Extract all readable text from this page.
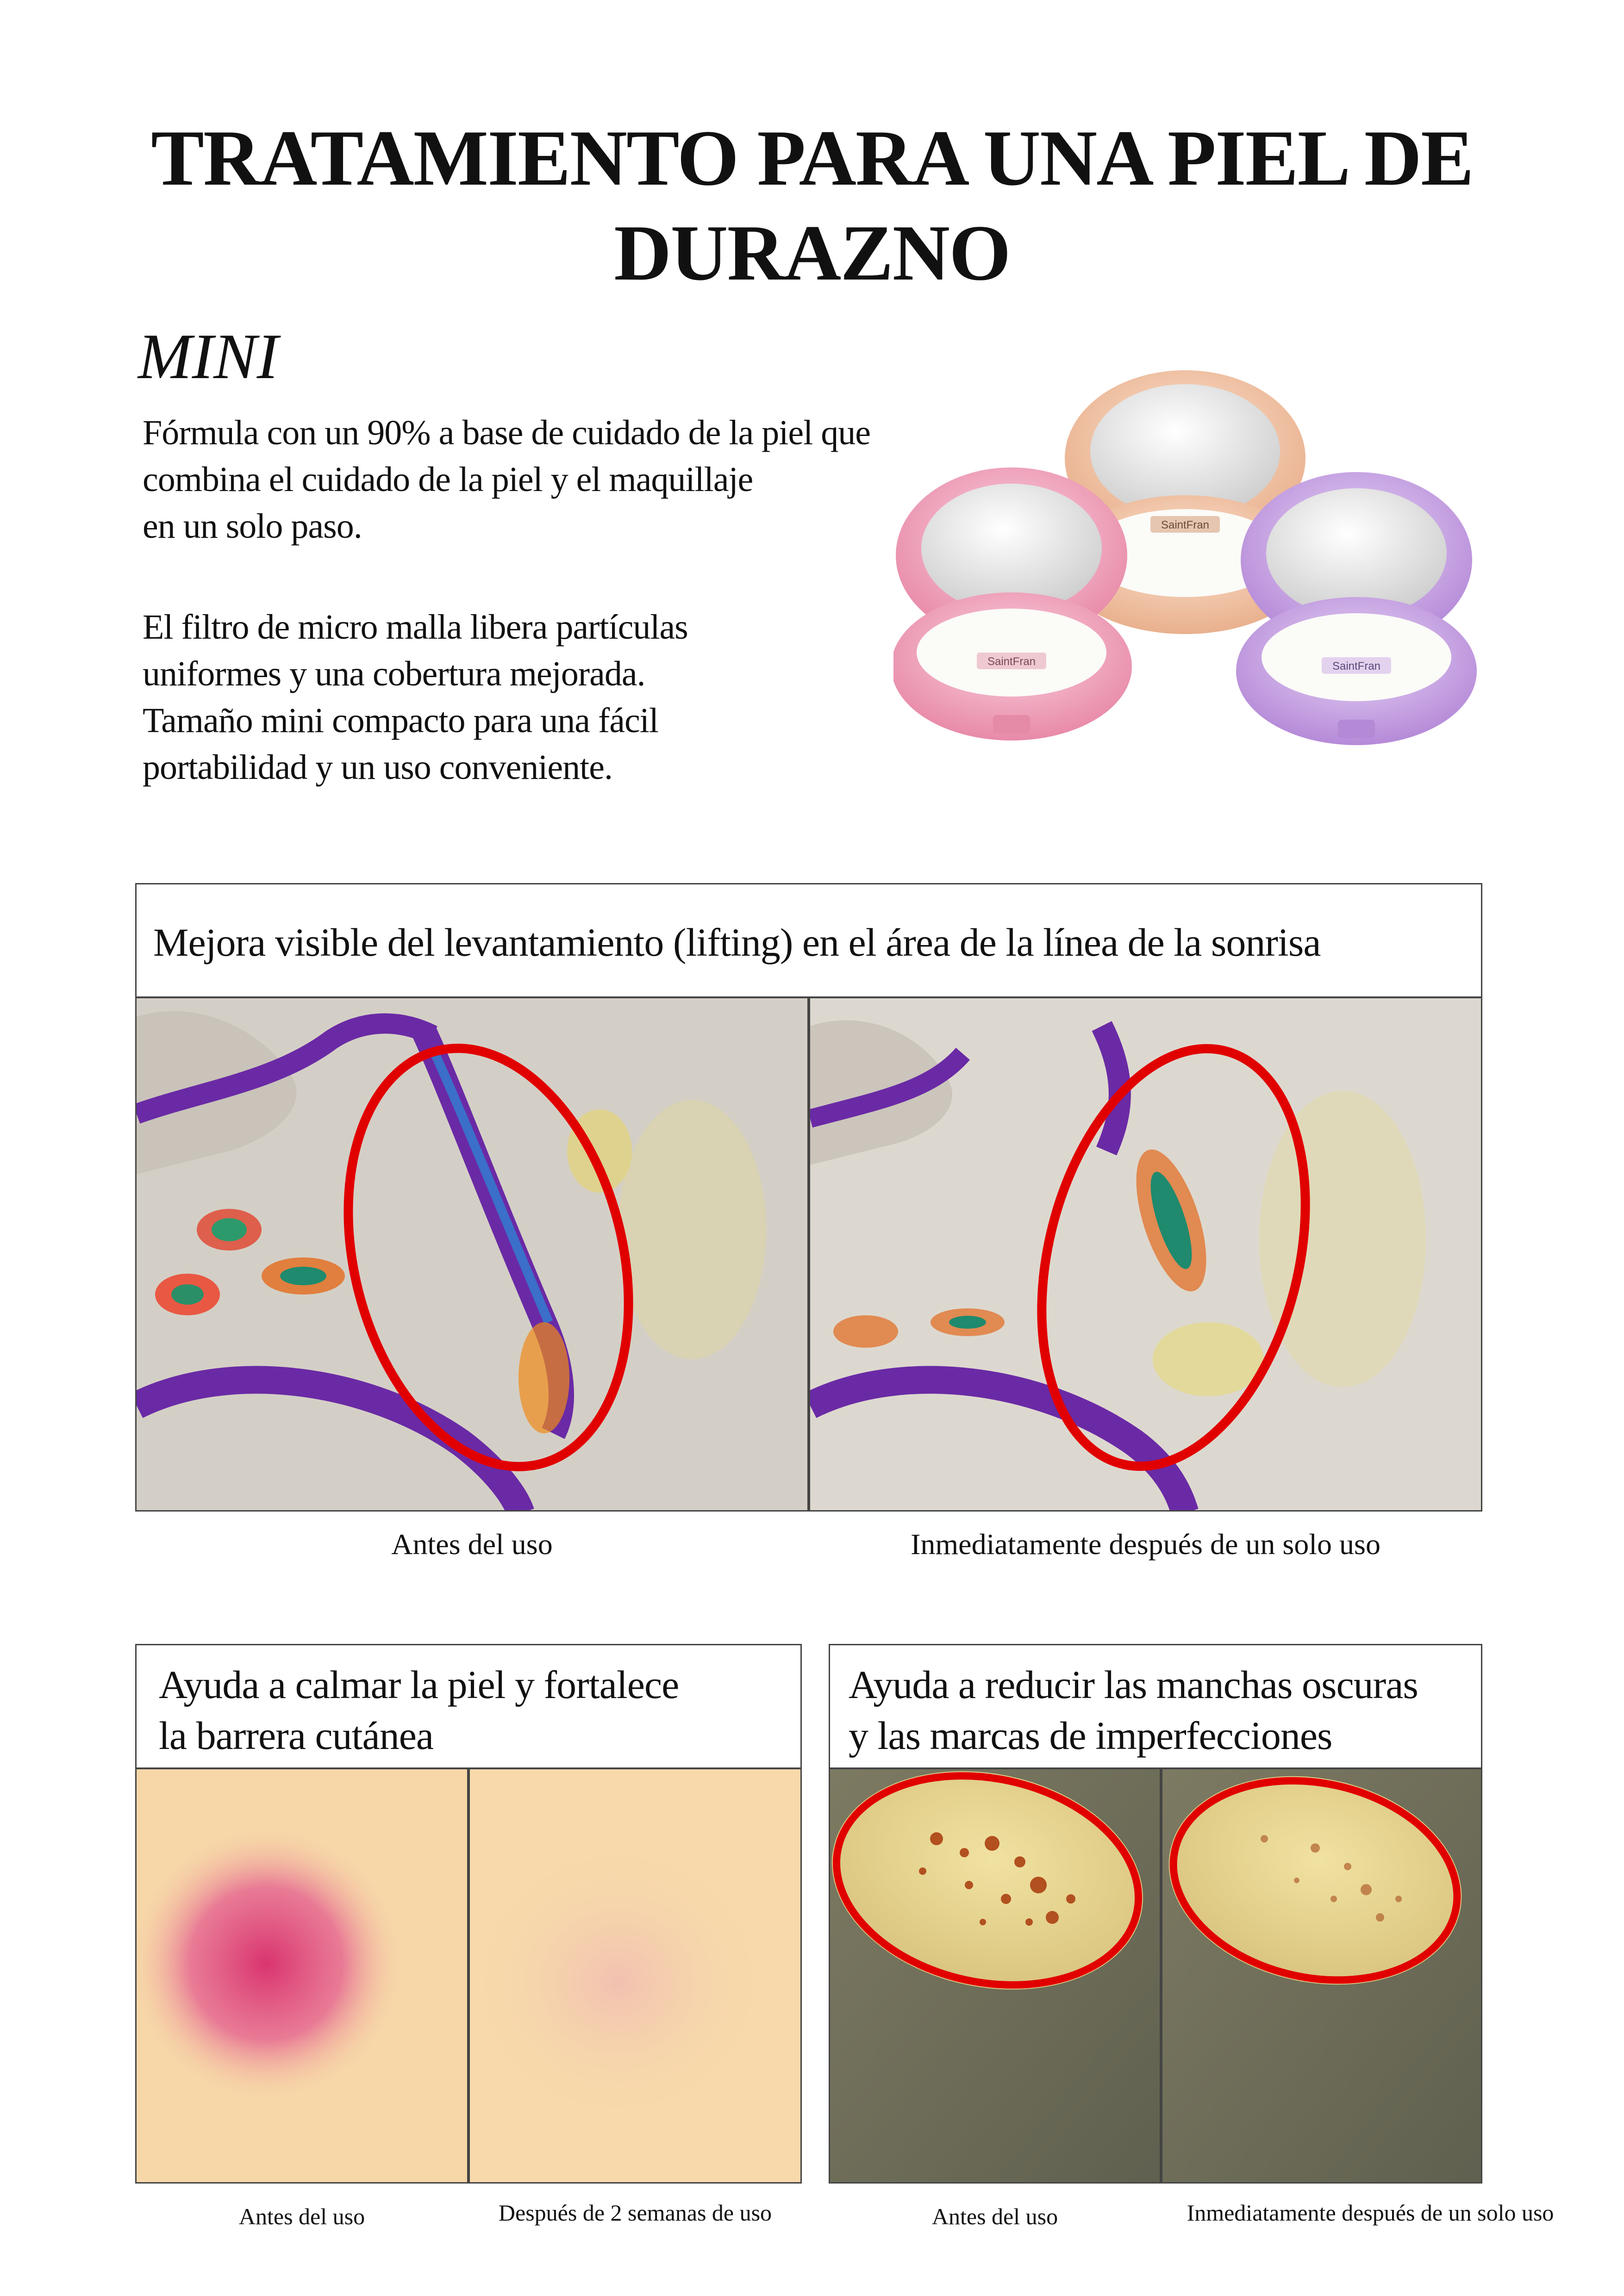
TRATAMIENTO PARA UNA PIEL DE
DURAZNO
MINI
Fórmula con un 90% a base de cuidado de la piel que
combina el cuidado de la piel y el maquillaje
en un solo paso.
El filtro de micro malla libera partículas
uniformes y una cobertura mejorada.
Tamaño mini compacto para una fácil
portabilidad y un uso conveniente.
SaintFran
SaintFran	SaintFran
Mejora visible del levantamiento (lifting) en el área de la línea de la sonrisa
Antes del uso	Inmediatamente después de un solo uso
Ayuda a calmar la piel y fortalece
la barrera cutánea
Antes del uso	Después de 2 semanas de uso
Ayuda a reducir las manchas oscuras
y las marcas de imperfecciones
Antes del uso	Inmediatamente después de un solo uso
